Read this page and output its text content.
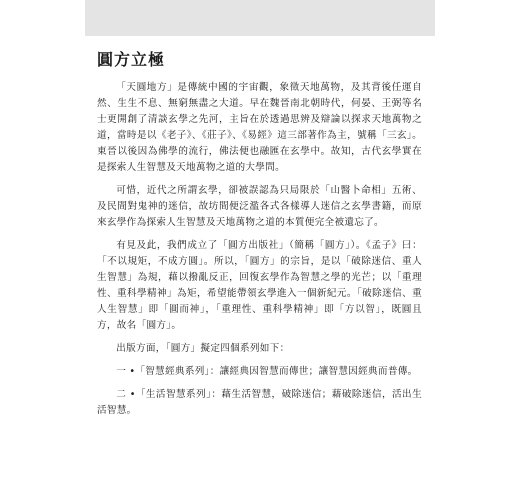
圓方立極

「天圓地方」是傳統中國的宇宙觀，象徵天地萬物，及其背後任運自然、生生不息、無窮無盡之大道。早在魏晉南北朝時代，何晏、王弼等名士更開創了清談玄學之先河，主旨在於透過思辨及辯論以探求天地萬物之道，當時是以《老子》、《莊子》、《易經》這三部著作為主，號稱「三玄」。東晉以後因為佛學的流行，佛法便也融匯在玄學中。故知，古代玄學實在是探索人生智慧及天地萬物之道的大學問。

可惜，近代之所謂玄學，卻被誤認為只局限於「山醫卜命相」五術、及民間對鬼神的迷信，故坊間便泛濫各式各樣導人迷信之玄學書籍，而原來玄學作為探索人生智慧及天地萬物之道的本質便完全被遺忘了。

有見及此，我們成立了「圓方出版社」（簡稱「圓方」）。《孟子》曰：「不以規矩，不成方圓」。所以，「圓方」的宗旨，是以「破除迷信、重人生智慧」為規，藉以撥亂反正，回復玄學作為智慧之學的光芒；以「重理性、重科學精神」為矩，希望能帶領玄學進入一個新紀元。「破除迷信、重人生智慧」即「圓而神」，「重理性、重科學精神」即「方以智」，既圓且方，故名「圓方」。

出版方面，「圓方」擬定四個系列如下：

一 •「智慧經典系列」：讓經典因智慧而傳世；讓智慧因經典而普傳。

二 •「生活智慧系列」：藉生活智慧，破除迷信；藉破除迷信，活出生活智慧。
